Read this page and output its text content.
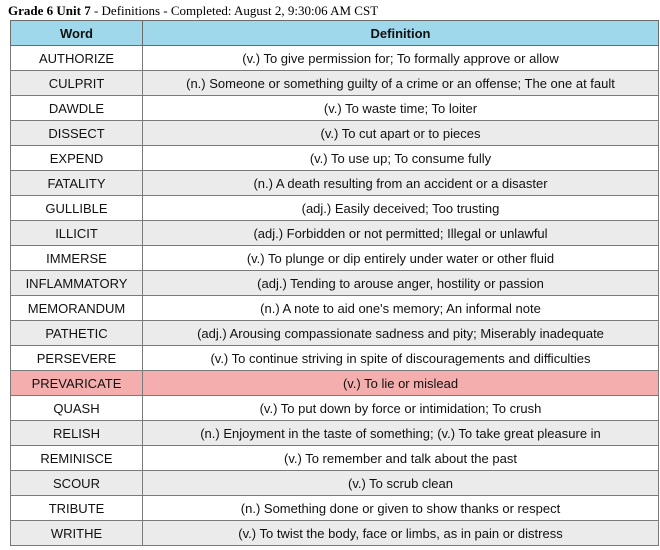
Grade 6 Unit 7 - Definitions - Completed: August 2, 9:30:06 AM CST
Word	Definition
AUTHORIZE	(v.) To give permission for; To formally approve or allow
CULPRIT	(n.) Someone or something guilty of a crime or an offense; The one at fault
DAWDLE	(v.) To waste time; To loiter
DISSECT	(v.) To cut apart or to pieces
EXPEND	(v.) To use up; To consume fully
FATALITY	(n.) A death resulting from an accident or a disaster
GULLIBLE	(adj.) Easily deceived; Too trusting
ILLICIT	(adj.) Forbidden or not permitted; Illegal or unlawful
IMMERSE	(v.) To plunge or dip entirely under water or other fluid
INFLAMMATORY	(adj.) Tending to arouse anger, hostility or passion
MEMORANDUM	(n.) A note to aid one's memory; An informal note
PATHETIC	(adj.) Arousing compassionate sadness and pity; Miserably inadequate
PERSEVERE	(v.) To continue striving in spite of discouragements and difficulties
PREVARICATE	(v.) To lie or mislead
QUASH	(v.) To put down by force or intimidation; To crush
RELISH	(n.) Enjoyment in the taste of something; (v.) To take great pleasure in
REMINISCE	(v.) To remember and talk about the past
SCOUR	(v.) To scrub clean
TRIBUTE	(n.) Something done or given to show thanks or respect
WRITHE	(v.) To twist the body, face or limbs, as in pain or distress
